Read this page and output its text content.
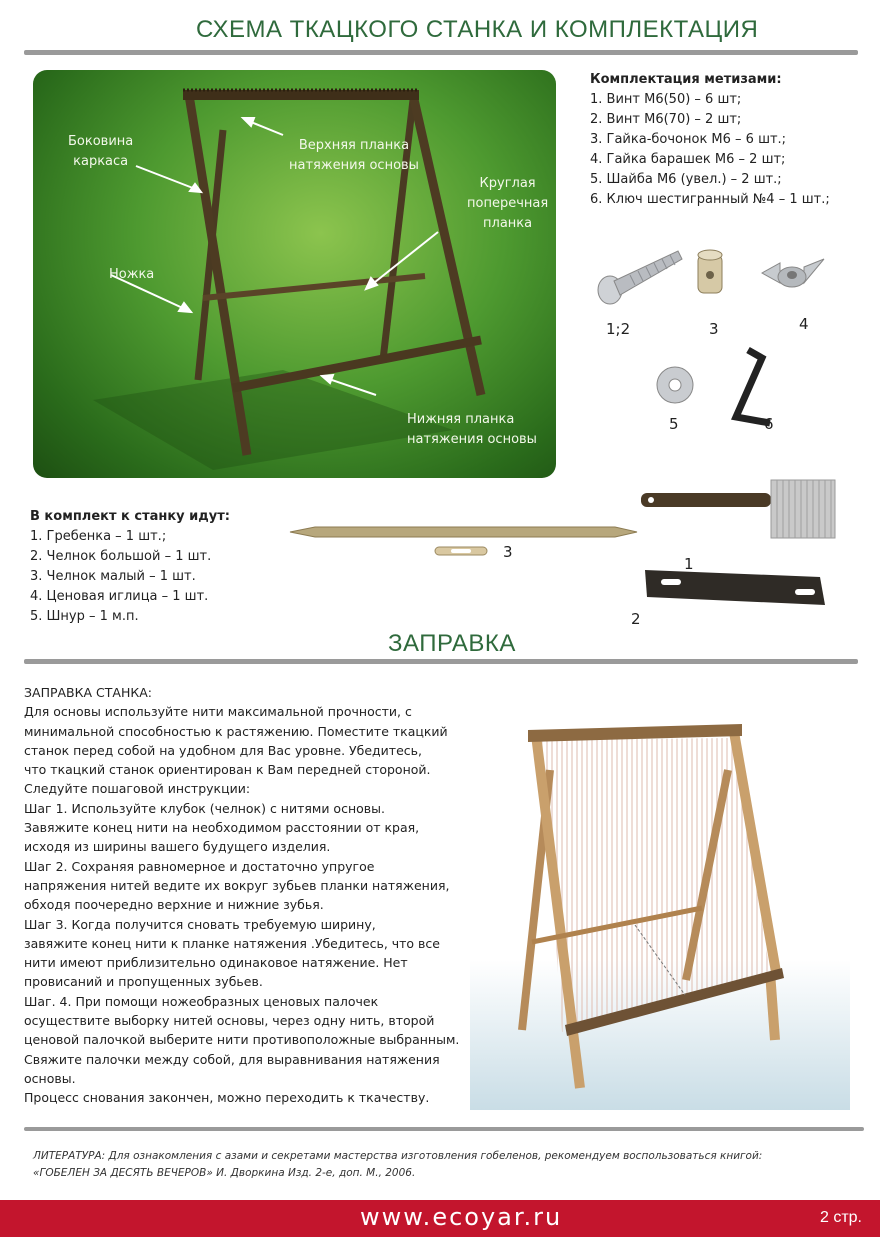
СХЕМА ТКАЦКОГО СТАНКА И КОМПЛЕКТАЦИЯ
Боковина
каркаса
Верхняя планка
натяжения основы
Круглая
поперечная
планка
Ножка
Нижняя планка
натяжения основы
Комплектация метизами:
1. Винт М6(50) – 6 шт;
2. Винт М6(70) – 2 шт;
3. Гайка-бочонок М6 – 6 шт.;
4. Гайка барашек М6 – 2 шт;
5. Шайба М6 (увел.) – 2 шт.;
6. Ключ шестигранный №4 – 1 шт.;
1;2	3	4
5	6
В комплект к станку идут:
1. Гребенка – 1 шт.;
2. Челнок большой – 1 шт.
3. Челнок малый – 1 шт.
4. Ценовая иглица – 1 шт.
5. Шнур – 1 м.п.
3
1
2
ЗАПРАВКА
ЗАПРАВКА СТАНКА:
Для основы используйте нити максимальной прочности, с
минимальной способностью к растяжению. Поместите ткацкий
станок перед собой на удобном для Вас уровне. Убедитесь,
что ткацкий станок ориентирован к Вам передней стороной.
Следуйте пошаговой инструкции:
Шаг 1. Используйте клубок (челнок) с нитями основы.
Завяжите конец нити на необходимом расстоянии от края,
исходя из ширины вашего будущего изделия.
Шаг 2. Сохраняя равномерное и достаточно упругое
напряжения нитей ведите их вокруг зубьев планки натяжения,
обходя поочередно верхние и нижние зубья.
Шаг 3. Когда получится сновать требуемую ширину,
завяжите конец нити к планке натяжения .Убедитесь, что все
нити имеют приблизительно одинаковое натяжение. Нет
провисаний и пропущенных зубьев.
Шаг. 4. При помощи ножеобразных ценовых палочек
осуществите выборку нитей основы, через одну нить, второй
ценовой палочкой выберите нити противоположные выбранным.
Свяжите палочки между собой, для выравнивания натяжения
основы.
Процесс снования закончен, можно переходить к ткачеству.
ЛИТЕРАТУРА: Для ознакомления с азами и секретами мастерства изготовления гобеленов, рекомендуем воспользоваться книгой:
«ГОБЕЛЕН ЗА ДЕСЯТЬ ВЕЧЕРОВ» И. Дворкина Изд. 2-е, доп. М., 2006.
www.ecoyar.ru	2 стр.
